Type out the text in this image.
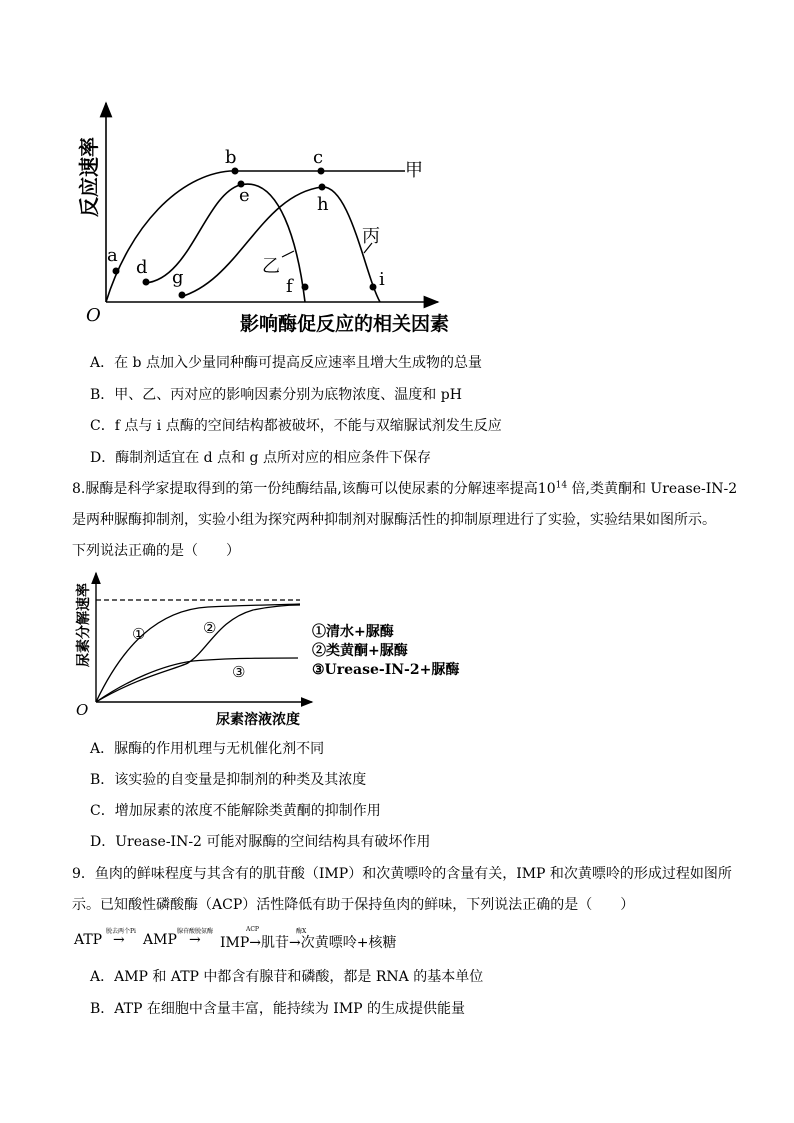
a
b	c
d
e
f
g
h
i
甲
乙
丙
O
反应速率
影响酶促反应的相关因素
A．在 b 点加入少量同种酶可提高反应速率且增大生成物的总量
B．甲、乙、丙对应的影响因素分别为底物浓度、温度和 pH
C．f 点与 i 点酶的空间结构都被破坏，不能与双缩脲试剂发生反应
D．酶制剂适宜在 d 点和 g 点所对应的相应条件下保存
8.脲酶是科学家提取得到的第一份纯酶结晶,该酶可以使尿素的分解速率提高$10^{14}$ 倍,类黄酮和 Urease-IN-2
是两种脲酶抑制剂，实验小组为探究两种抑制剂对脲酶活性的抑制原理进行了实验，实验结果如图所示。
下列说法正确的是（　　）
①	②
③
O
尿素分解速率
尿素溶液浓度
①清水+脲酶
②类黄酮+脲酶
③Urease-IN-2+脲酶
A．脲酶的作用机理与无机催化剂不同
B．该实验的自变量是抑制剂的种类及其浓度
C．增加尿素的浓度不能解除类黄酮的抑制作用
D．Urease-IN-2 可能对脲酶的空间结构具有破坏作用
9．鱼肉的鲜味程度与其含有的肌苷酸（IMP）和次黄嘌呤的含量有关，IMP 和次黄嘌呤的形成过程如图所
示。已知酸性磷酸酶（ACP）活性降低有助于保持鱼肉的鲜味，下列说法正确的是（　　）
脱去两个Pi	腺苷酸脱氨酶	ACP	酶X
ATP → AMP → IMP→肌苷→次黄嘌呤+核糖
A．AMP 和 ATP 中都含有腺苷和磷酸，都是 RNA 的基本单位
B．ATP 在细胞中含量丰富，能持续为 IMP 的生成提供能量
